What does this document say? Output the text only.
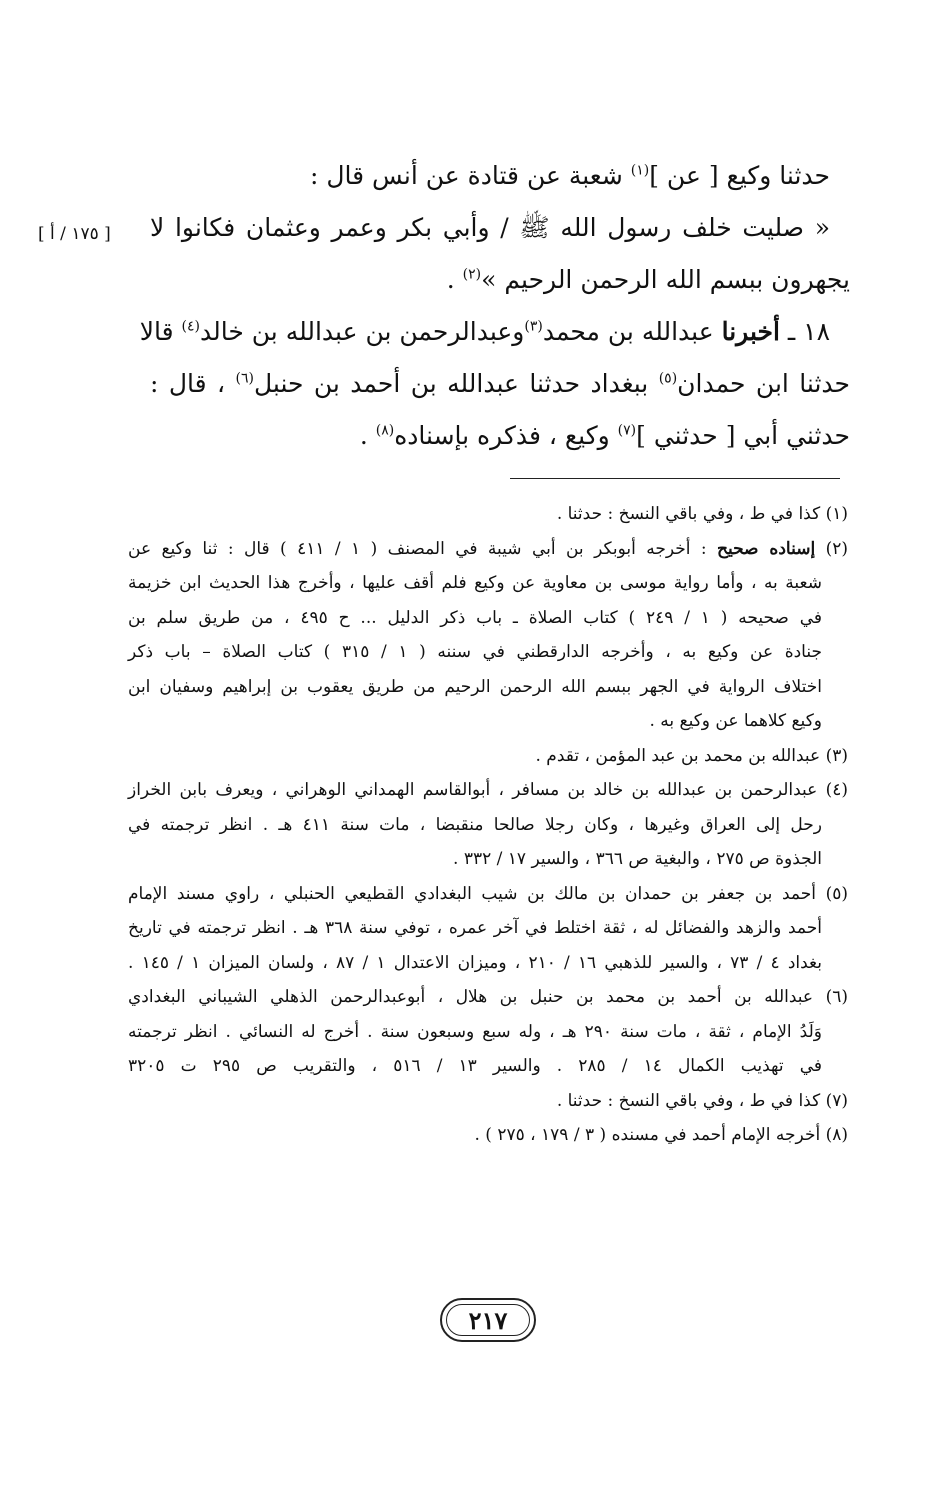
حدثنا وكيع [ عن ]$^{(١)}$ شعبة عن قتادة عن أنس قال :
« صليت خلف رسول الله ﷺ / وأبي بكر وعمر وعثمان فكانوا لا
يجهرون ببسم الله الرحمن الرحيم »$^{(٢)}$ .
١٨ ـ أخبرنا عبدالله بن محمد$^{(٣)}$وعبدالرحمن بن عبدالله بن خالد$^{(٤)}$ قالا
حدثنا ابن حمدان$^{(٥)}$ ببغداد حدثنا عبدالله بن أحمد بن حنبل$^{(٦)}$ ، قال :
حدثني أبي [ حدثني ]$^{(٧)}$ وكيع ، فذكره بإسناده$^{(٨)}$ .
[ ١٧٥ / أ ]
(١) كذا في ط ، وفي باقي النسخ : حدثنا .
(٢) إسناده صحيح : أخرجه أبوبكر بن أبي شيبة في المصنف ( ١ / ٤١١ ) قال : ثنا وكيع عن
شعبة به ، وأما رواية موسى بن معاوية عن وكيع فلم أقف عليها ، وأخرج هذا الحديث ابن خزيمة
في صحيحه ( ١ / ٢٤٩ ) كتاب الصلاة ـ باب ذكر الدليل ... ح ٤٩٥ ، من طريق سلم بن
جنادة عن وكيع به ، وأخرجه الدارقطني في سننه ( ١ / ٣١٥ ) كتاب الصلاة – باب ذكر
اختلاف الرواية في الجهر ببسم الله الرحمن الرحيم من طريق يعقوب بن إبراهيم وسفيان ابن
وكيع كلاهما عن وكيع به .
(٣) عبدالله بن محمد بن عبد المؤمن ، تقدم .
(٤) عبدالرحمن بن عبدالله بن خالد بن مسافر ، أبوالقاسم الهمداني الوهراني ، ويعرف بابن الخراز
رحل إلى العراق وغيرها ، وكان رجلا صالحا منقبضا ، مات سنة ٤١١ هـ . انظر ترجمته في
الجذوة ص ٢٧٥ ، والبغية ص ٣٦٦ ، والسير ١٧ / ٣٣٢ .
(٥) أحمد بن جعفر بن حمدان بن مالك بن شيب البغدادي القطيعي الحنبلي ، راوي مسند الإمام
أحمد والزهد والفضائل له ، ثقة اختلط في آخر عمره ، توفي سنة ٣٦٨ هـ . انظر ترجمته في تاريخ
بغداد ٤ / ٧٣ ، والسير للذهبي ١٦ / ٢١٠ ، وميزان الاعتدال ١ / ٨٧ ، ولسان الميزان ١ / ١٤٥ .
(٦) عبدالله بن أحمد بن محمد بن حنبل بن هلال ، أبوعبدالرحمن الذهلي الشيباني البغدادي
وَلَدُ الإمام ، ثقة ، مات سنة ٢٩٠ هـ ، وله سبع وسبعون سنة . أخرج له النسائي . انظر ترجمته
في تهذيب الكمال ١٤ / ٢٨٥ . والسير ١٣ / ٥١٦ ، والتقريب ص ٢٩٥ ت ٣٢٠٥
(٧) كذا في ط ، وفي باقي النسخ : حدثنا .
(٨) أخرجه الإمام أحمد في مسنده ( ٣ / ١٧٩ ، ٢٧٥ ) .
٢١٧
